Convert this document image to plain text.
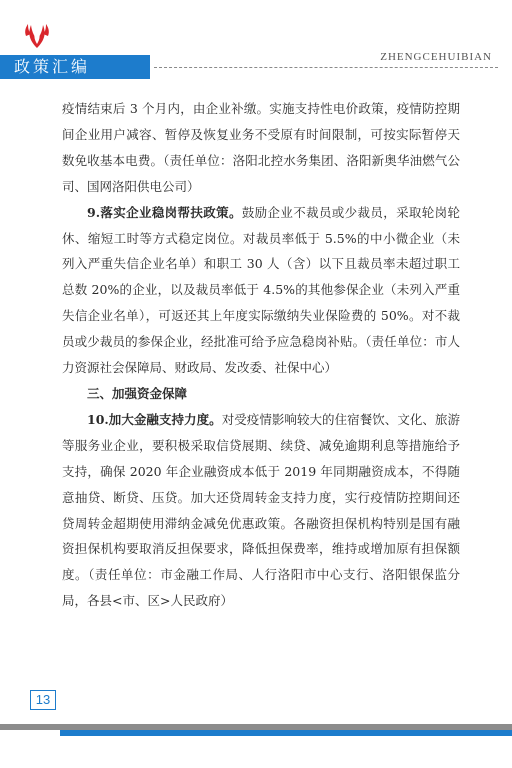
政策汇编	ZHENGCEHUIBIAN

疫情结束后 3 个月内，由企业补缴。实施支持性电价政策，疫情防控期间企业用户减容、暂停及恢复业务不受原有时间限制，可按实际暂停天数免收基本电费。（责任单位：洛阳北控水务集团、洛阳新奥华油燃气公司、国网洛阳供电公司）

9.落实企业稳岗帮扶政策。鼓励企业不裁员或少裁员，采取轮岗轮休、缩短工时等方式稳定岗位。对裁员率低于 5.5%的中小微企业（未列入严重失信企业名单）和职工 30 人（含）以下且裁员率未超过职工总数 20%的企业，以及裁员率低于 4.5%的其他参保企业（未列入严重失信企业名单），可返还其上年度实际缴纳失业保险费的 50%。对不裁员或少裁员的参保企业，经批准可给予应急稳岗补贴。（责任单位：市人力资源社会保障局、财政局、发改委、社保中心）

三、加强资金保障

10.加大金融支持力度。对受疫情影响较大的住宿餐饮、文化、旅游等服务业企业，要积极采取信贷展期、续贷、减免逾期利息等措施给予支持，确保 2020 年企业融资成本低于 2019 年同期融资成本，不得随意抽贷、断贷、压贷。加大还贷周转金支持力度，实行疫情防控期间还贷周转金超期使用滞纳金减免优惠政策。各融资担保机构特别是国有融资担保机构要取消反担保要求，降低担保费率，维持或增加原有担保额度。（责任单位：市金融工作局、人行洛阳市中心支行、洛阳银保监分局，各县<市、区>人民政府）

13
